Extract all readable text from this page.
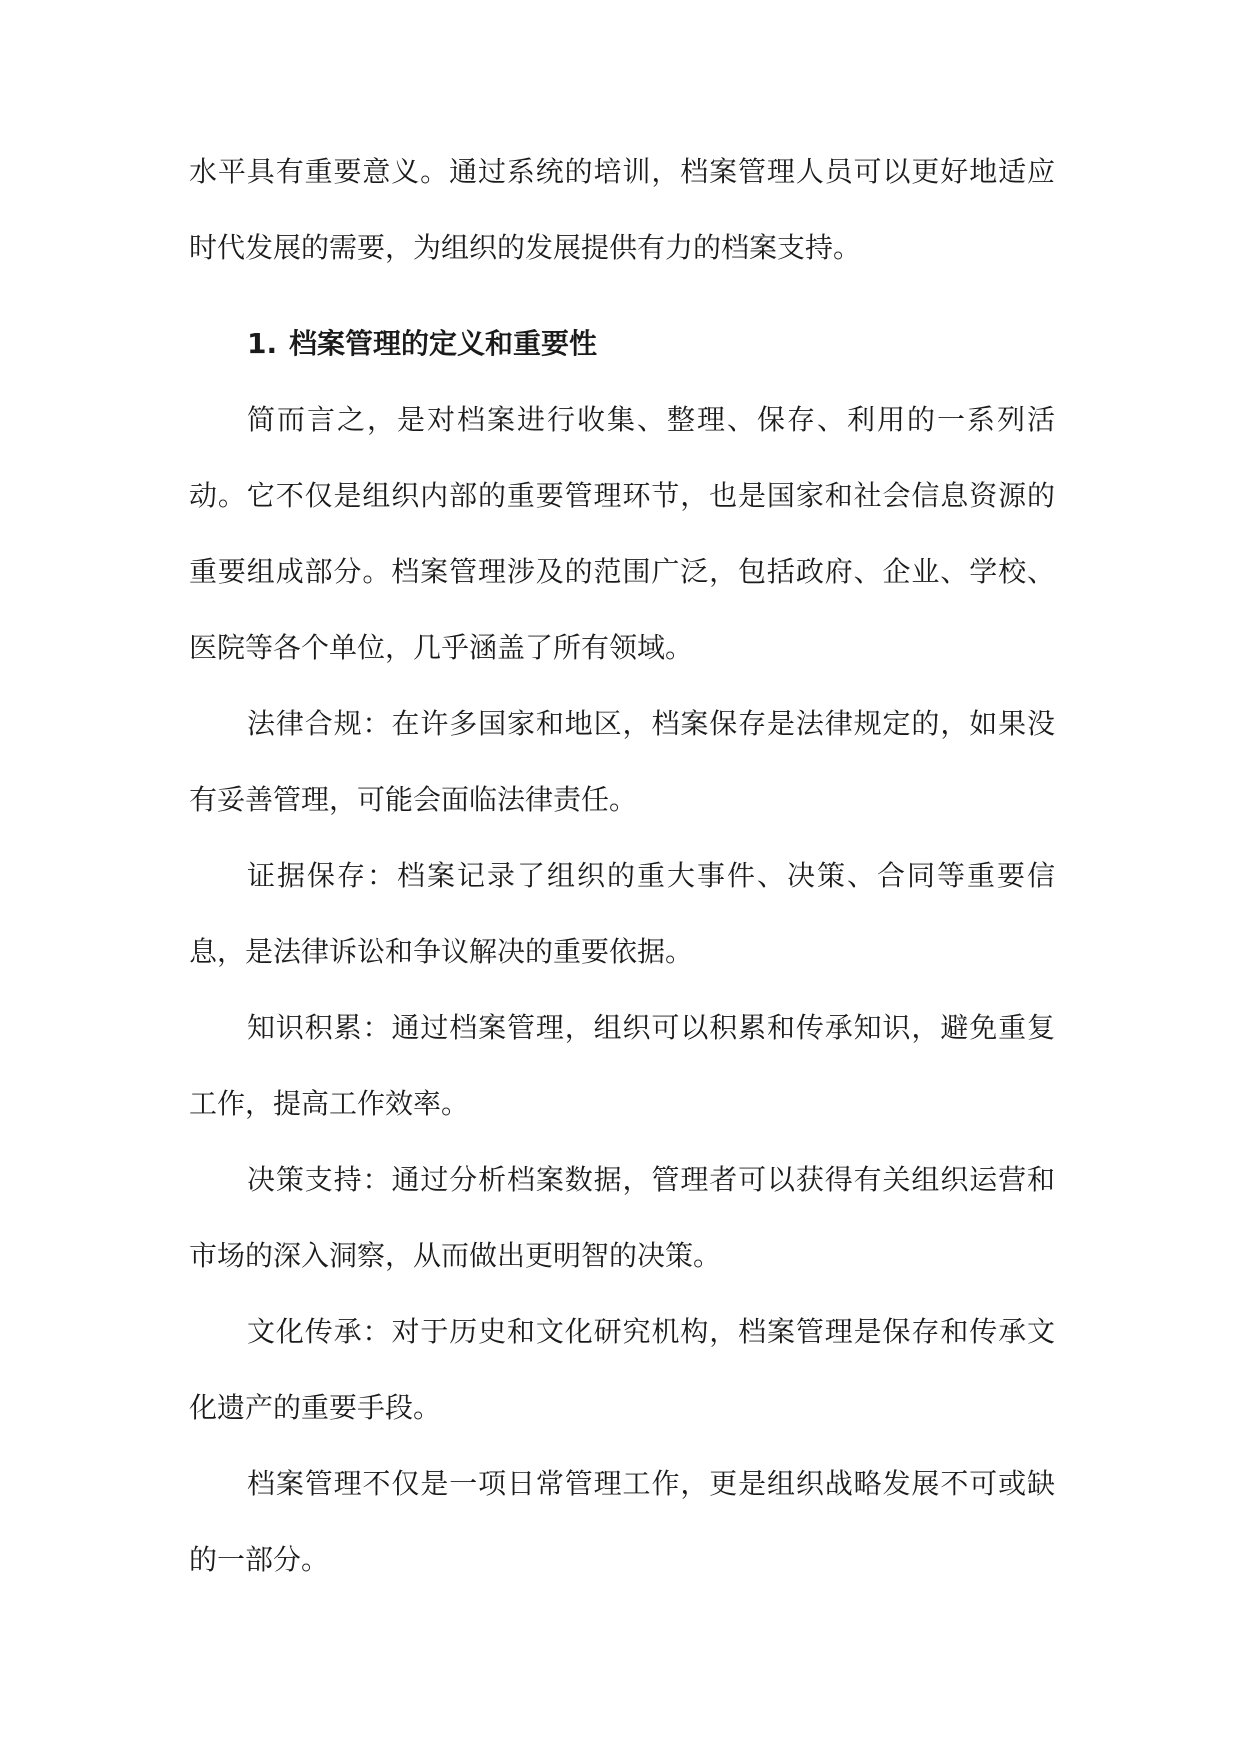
水平具有重要意义。通过系统的培训，档案管理人员可以更好地适应时代发展的需要，为组织的发展提供有力的档案支持。

1. 档案管理的定义和重要性

简而言之，是对档案进行收集、整理、保存、利用的一系列活动。它不仅是组织内部的重要管理环节，也是国家和社会信息资源的重要组成部分。档案管理涉及的范围广泛，包括政府、企业、学校、医院等各个单位，几乎涵盖了所有领域。

法律合规：在许多国家和地区，档案保存是法律规定的，如果没有妥善管理，可能会面临法律责任。

证据保存：档案记录了组织的重大事件、决策、合同等重要信息，是法律诉讼和争议解决的重要依据。

知识积累：通过档案管理，组织可以积累和传承知识，避免重复工作，提高工作效率。

决策支持：通过分析档案数据，管理者可以获得有关组织运营和市场的深入洞察，从而做出更明智的决策。

文化传承：对于历史和文化研究机构，档案管理是保存和传承文化遗产的重要手段。

档案管理不仅是一项日常管理工作，更是组织战略发展不可或缺的一部分。
